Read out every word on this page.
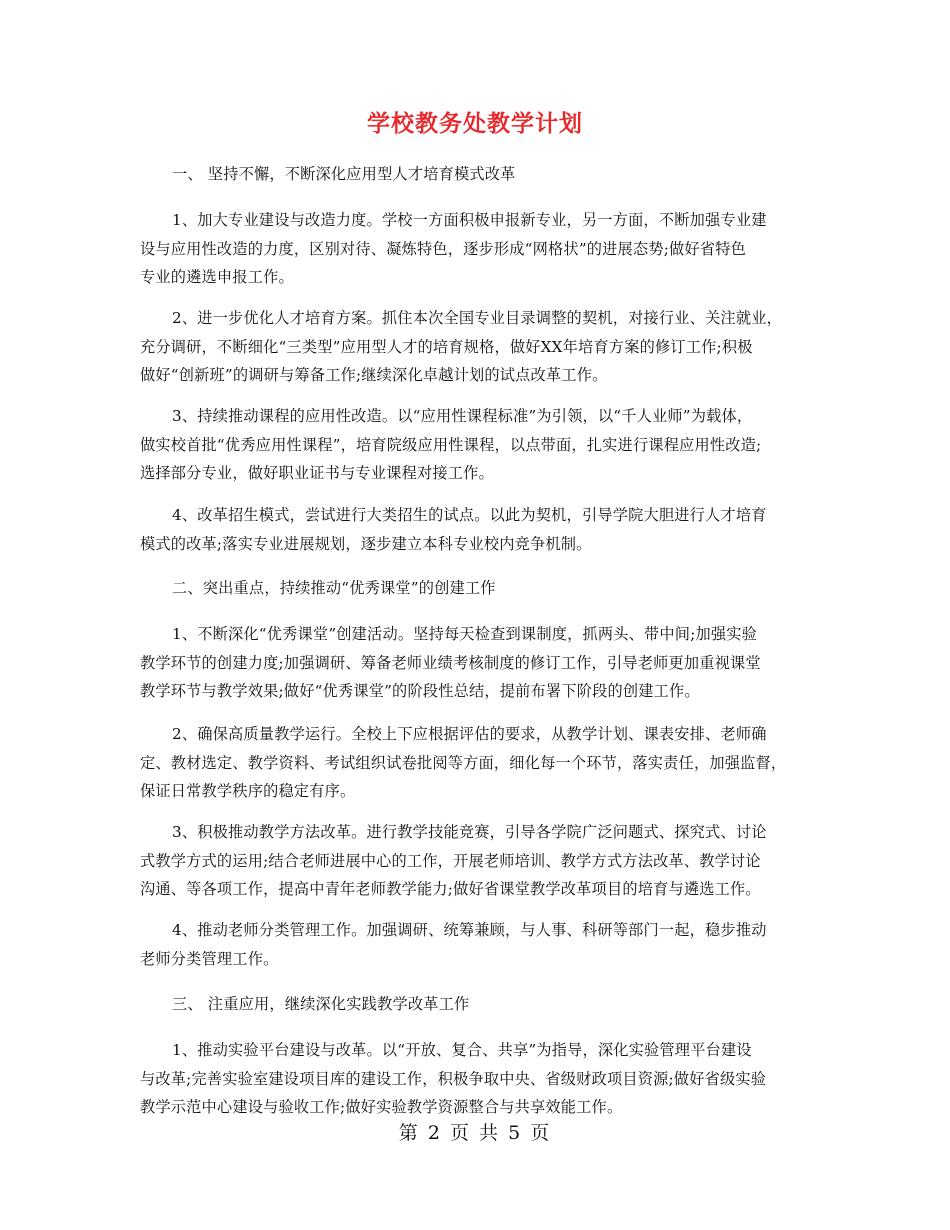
学校教务处教学计划

一、 坚持不懈，不断深化应用型人才培育模式改革

1、加大专业建设与改造力度。学校一方面积极申报新专业，另一方面，不断加强专业建
设与应用性改造的力度，区别对待、凝炼特色，逐步形成“网格状”的进展态势;做好省特色
专业的遴选申报工作。

2、进一步优化人才培育方案。抓住本次全国专业目录调整的契机，对接行业、关注就业，
充分调研，不断细化“三类型”应用型人才的培育规格，做好XX年培育方案的修订工作;积极
做好“创新班”的调研与筹备工作;继续深化卓越计划的试点改革工作。

3、持续推动课程的应用性改造。以“应用性课程标准”为引领，以“千人业师”为载体，
做实校首批“优秀应用性课程”，培育院级应用性课程，以点带面，扎实进行课程应用性改造;
选择部分专业，做好职业证书与专业课程对接工作。

4、改革招生模式，尝试进行大类招生的试点。以此为契机，引导学院大胆进行人才培育
模式的改革;落实专业进展规划，逐步建立本科专业校内竞争机制。

二、突出重点，持续推动“优秀课堂”的创建工作

1、不断深化“优秀课堂”创建活动。坚持每天检查到课制度，抓两头、带中间;加强实验
教学环节的创建力度;加强调研、筹备老师业绩考核制度的修订工作，引导老师更加重视课堂
教学环节与教学效果;做好“优秀课堂”的阶段性总结，提前布署下阶段的创建工作。

2、确保高质量教学运行。全校上下应根据评估的要求，从教学计划、课表安排、老师确
定、教材选定、教学资料、考试组织试卷批阅等方面，细化每一个环节，落实责任，加强监督，
保证日常教学秩序的稳定有序。

3、积极推动教学方法改革。进行教学技能竞赛，引导各学院广泛问题式、探究式、讨论
式教学方式的运用;结合老师进展中心的工作，开展老师培训、教学方式方法改革、教学讨论
沟通、等各项工作，提高中青年老师教学能力;做好省课堂教学改革项目的培育与遴选工作。

4、推动老师分类管理工作。加强调研、统筹兼顾，与人事、科研等部门一起，稳步推动
老师分类管理工作。

三、 注重应用，继续深化实践教学改革工作

1、推动实验平台建设与改革。以“开放、复合、共享”为指导，深化实验管理平台建设
与改革;完善实验室建设项目库的建设工作，积极争取中央、省级财政项目资源;做好省级实验
教学示范中心建设与验收工作;做好实验教学资源整合与共享效能工作。

第 2 页 共 5 页
